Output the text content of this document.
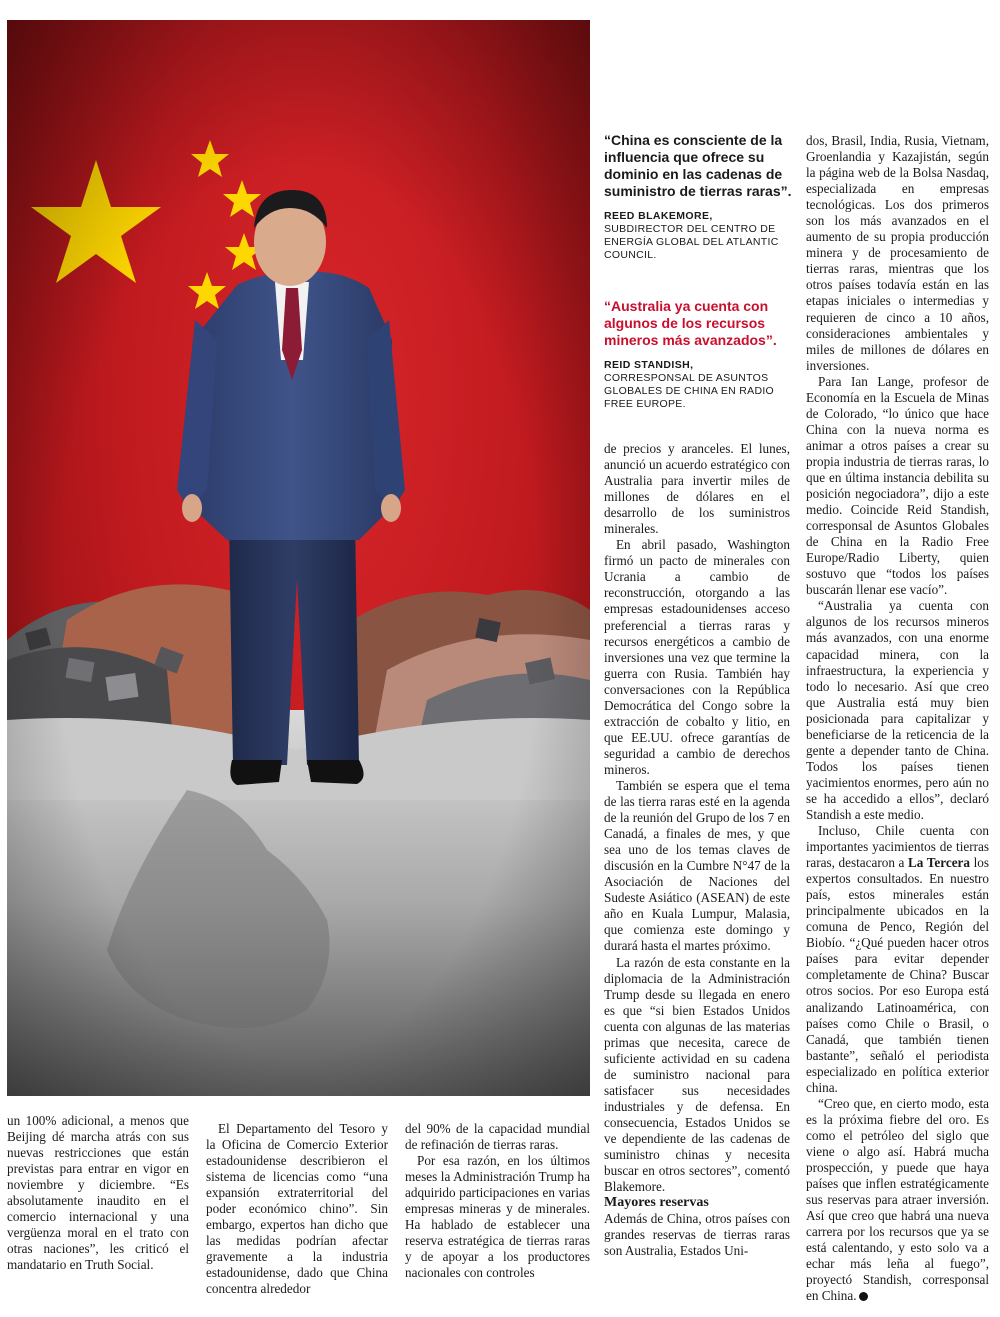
“China es consciente de la influencia que ofrece su dominio en las cadenas de suministro de tierras raras”.

REED BLAKEMORE,

SUBDIRECTOR DEL CENTRO DE ENERGÍA GLOBAL DEL ATLANTIC COUNCIL.

“Australia ya cuenta con algunos de los recursos mineros más avanzados”.

REID STANDISH,

CORRESPONSAL DE ASUNTOS GLOBALES DE CHINA EN RADIO FREE EUROPE.

un 100% adicional, a menos que Beijing dé marcha atrás con sus nuevas restricciones que están previstas para entrar en vigor en noviembre y diciembre. “Es absolutamente inaudito en el comercio internacional y una vergüenza moral en el trato con otras naciones”, les criticó el mandatario en Truth Social.

El Departamento del Tesoro y la Oficina de Comercio Exterior estadounidense describieron el sistema de licencias como “una expansión extraterritorial del poder económico chino”. Sin embargo, expertos han dicho que las medidas podrían afectar gravemente a la industria estadounidense, dado que China concentra alrededor

del 90% de la capacidad mundial de refinación de tierras raras.

Por esa razón, en los últimos meses la Administración Trump ha adquirido participaciones en varias empresas mineras y de minerales. Ha hablado de establecer una reserva estratégica de tierras raras y de apoyar a los productores nacionales con controles

de precios y aranceles. El lunes, anunció un acuerdo estratégico con Australia para invertir miles de millones de dólares en el desarrollo de los suministros minerales.

En abril pasado, Washington firmó un pacto de minerales con Ucrania a cambio de reconstrucción, otorgando a las empresas estadounidenses acceso preferencial a tierras raras y recursos energéticos a cambio de inversiones una vez que termine la guerra con Rusia. También hay conversaciones con la República Democrática del Congo sobre la extracción de cobalto y litio, en que EE.UU. ofrece garantías de seguridad a cambio de derechos mineros.

También se espera que el tema de las tierra raras esté en la agenda de la reunión del Grupo de los 7 en Canadá, a finales de mes, y que sea uno de los temas claves de discusión en la Cumbre N°47 de la Asociación de Naciones del Sudeste Asiático (ASEAN) de este año en Kuala Lumpur, Malasia, que comienza este domingo y durará hasta el martes próximo.

La razón de esta constante en la diplomacia de la Administración Trump desde su llegada en enero es que “si bien Estados Unidos cuenta con algunas de las materias primas que necesita, carece de suficiente actividad en su cadena de suministro nacional para satisfacer sus necesidades industriales y de defensa. En consecuencia, Estados Unidos se ve dependiente de las cadenas de suministro chinas y necesita buscar en otros sectores”, comentó Blakemore.

Mayores reservas

Además de China, otros países con grandes reservas de tierras raras son Australia, Estados Uni-

dos, Brasil, India, Rusia, Vietnam, Groenlandia y Kazajistán, según la página web de la Bolsa Nasdaq, especializada en empresas tecnológicas. Los dos primeros son los más avanzados en el aumento de su propia producción minera y de procesamiento de tierras raras, mientras que los otros países todavía están en las etapas iniciales o intermedias y requieren de cinco a 10 años, consideraciones ambientales y miles de millones de dólares en inversiones.

Para Ian Lange, profesor de Economía en la Escuela de Minas de Colorado, “lo único que hace China con la nueva norma es animar a otros países a crear su propia industria de tierras raras, lo que en última instancia debilita su posición negociadora”, dijo a este medio. Coincide Reid Standish, corresponsal de Asuntos Globales de China en la Radio Free Europe/Radio Liberty, quien sostuvo que “todos los países buscarán llenar ese vacío”.

“Australia ya cuenta con algunos de los recursos mineros más avanzados, con una enorme capacidad minera, con la infraestructura, la experiencia y todo lo necesario. Así que creo que Australia está muy bien posicionada para capitalizar y beneficiarse de la reticencia de la gente a depender tanto de China. Todos los países tienen yacimientos enormes, pero aún no se ha accedido a ellos”, declaró Standish a este medio.

Incluso, Chile cuenta con importantes yacimientos de tierras raras, destacaron a La Tercera los expertos consultados. En nuestro país, estos minerales están principalmente ubicados en la comuna de Penco, Región del Biobío. “¿Qué pueden hacer otros países para evitar depender completamente de China? Buscar otros socios. Por eso Europa está analizando Latinoamérica, con países como Chile o Brasil, o Canadá, que también tienen bastante”, señaló el periodista especializado en política exterior china.

“Creo que, en cierto modo, esta es la próxima fiebre del oro. Es como el petróleo del siglo que viene o algo así. Habrá mucha prospección, y puede que haya países que inflen estratégicamente sus reservas para atraer inversión. Así que creo que habrá una nueva carrera por los recursos que ya se está calentando, y esto solo va a echar más leña al fuego”, proyectó Standish, corresponsal en China.
